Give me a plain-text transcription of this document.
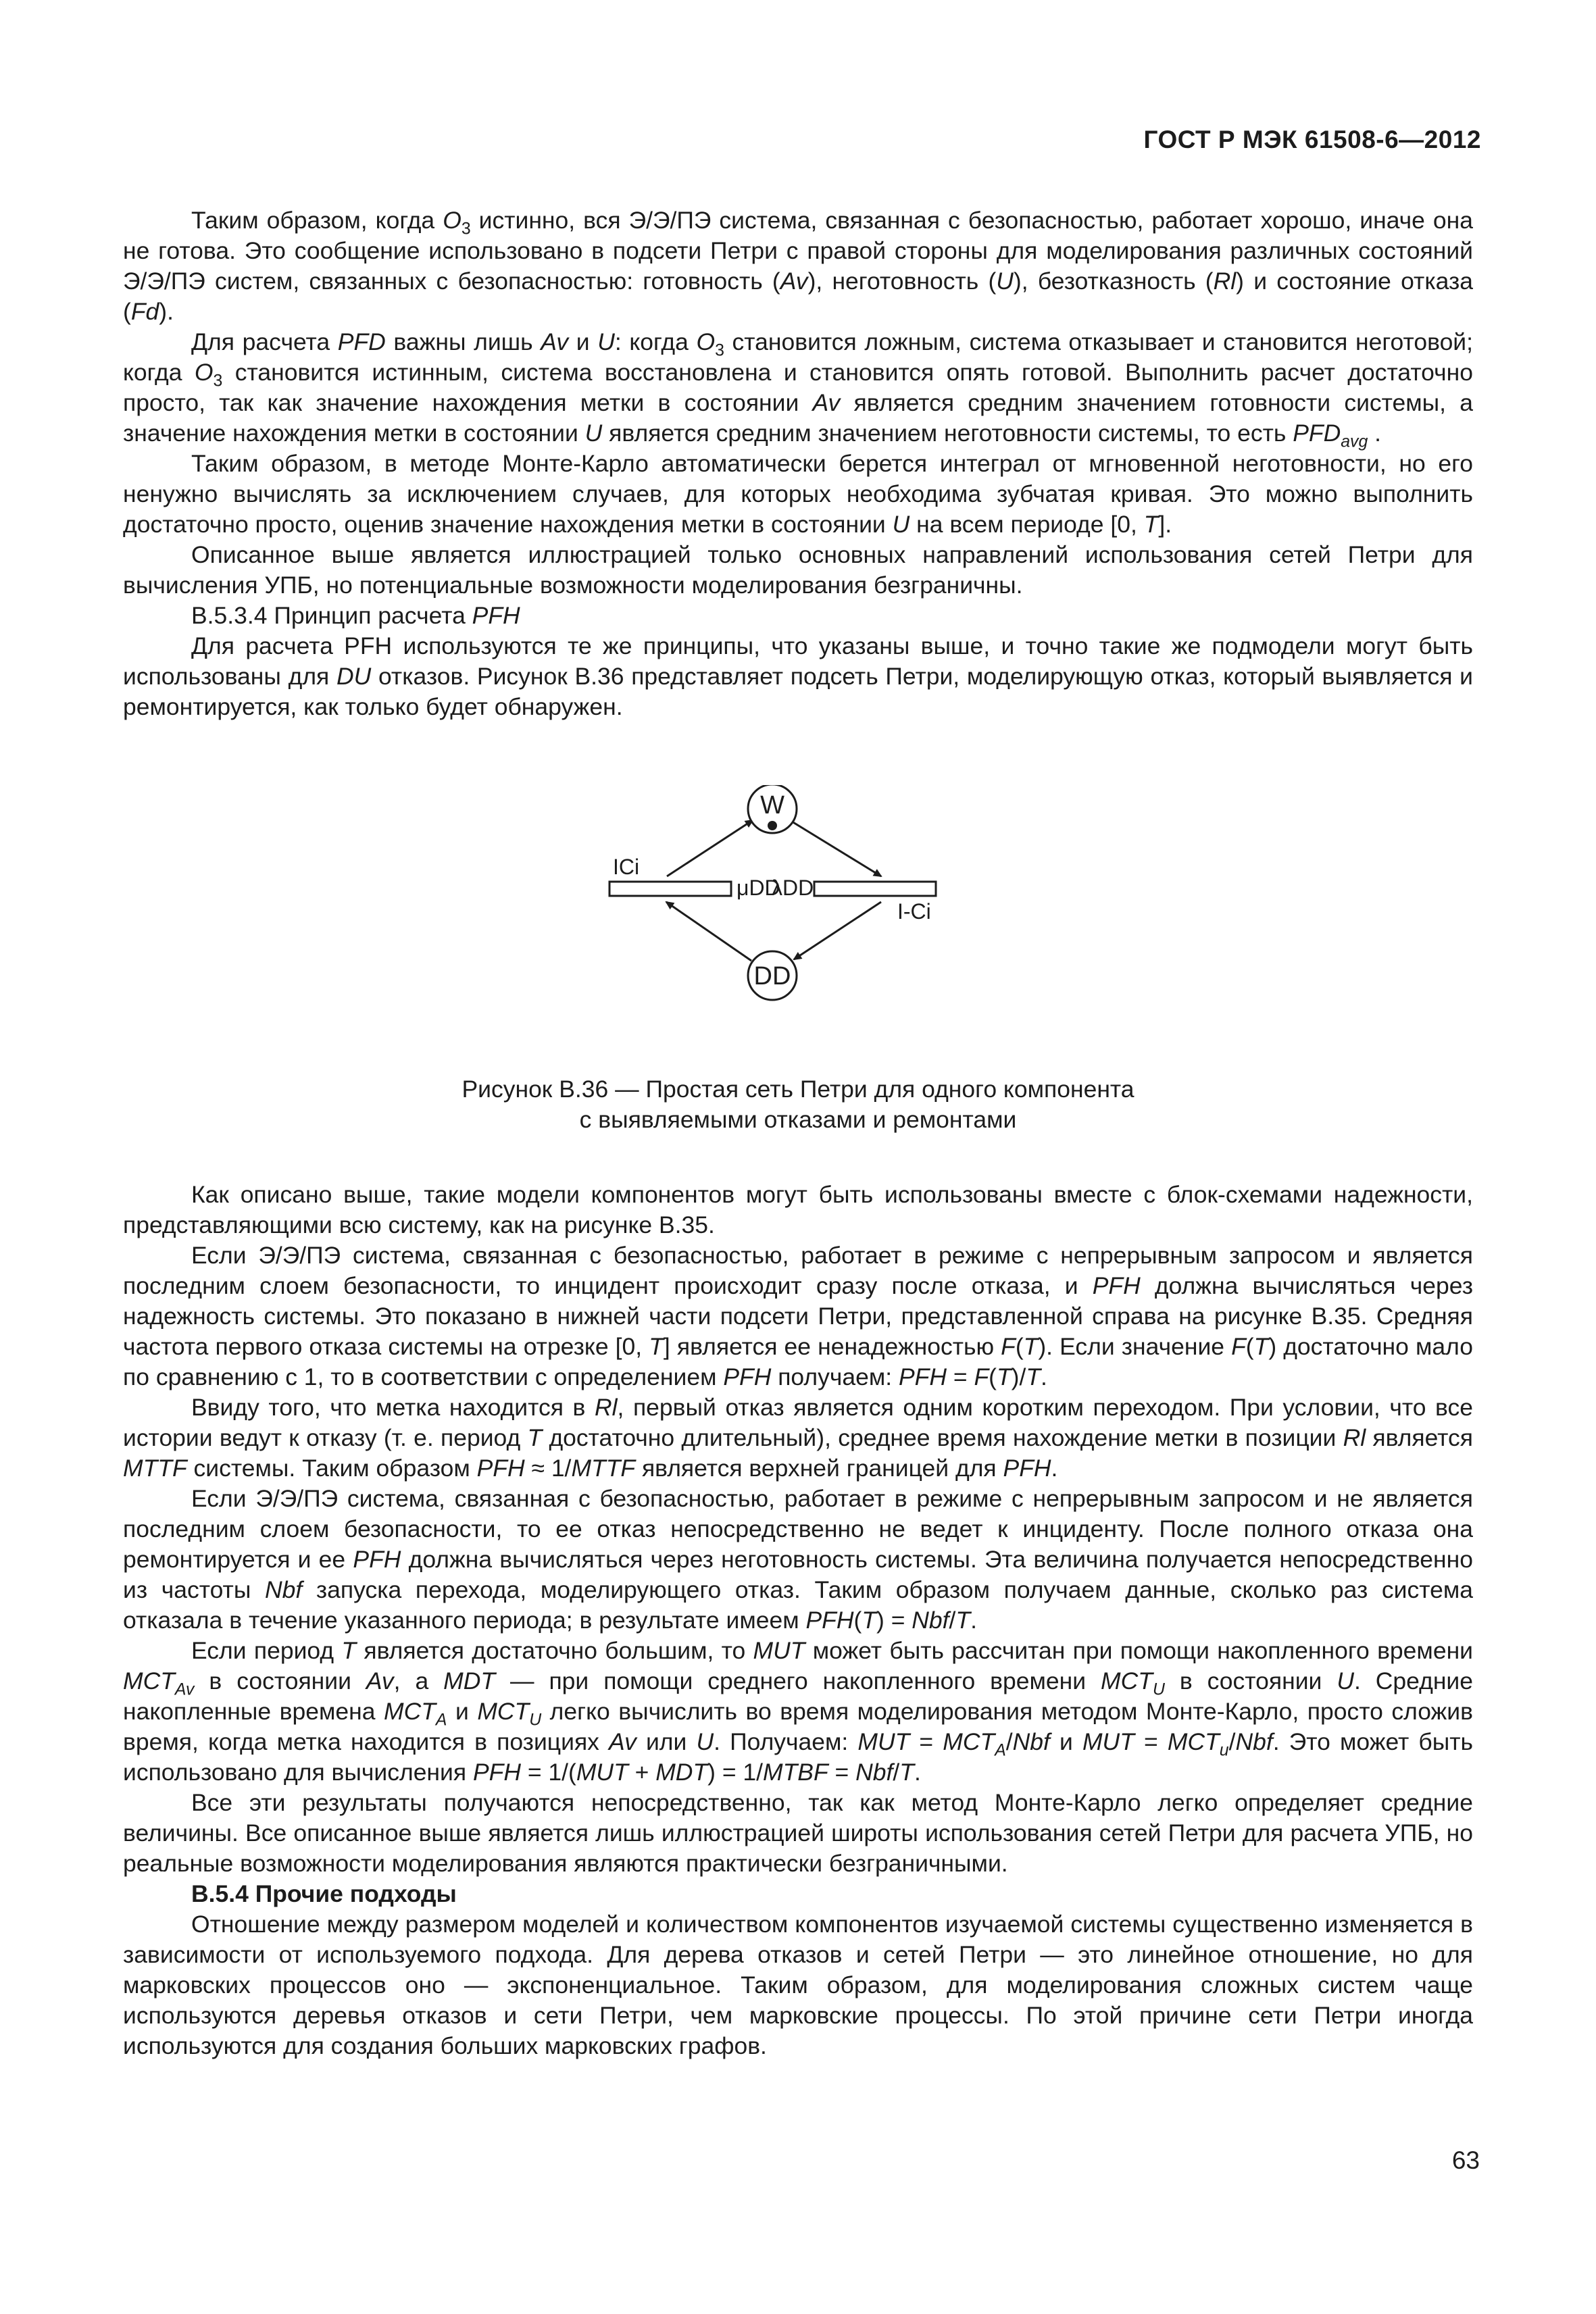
ГОСТ Р МЭК 61508-6—2012

Таким образом, когда $O_3$ истинно, вся Э/Э/ПЭ система, связанная с безопасностью, работает хорошо, иначе она не готова. Это сообщение использовано в подсети Петри с правой стороны для моделирования различных состояний Э/Э/ПЭ систем, связанных с безопасностью: готовность (Av), неготовность (U), безотказность (Rl) и состояние отказа (Fd).

Для расчета PFD важны лишь Av и U: когда $O_3$ становится ложным, система отказывает и становится неготовой; когда $O_3$ становится истинным, система восстановлена и становится опять готовой. Выполнить расчет достаточно просто, так как значение нахождения метки в состоянии Av является средним значением готовности системы, а значение нахождения метки в состоянии U является средним значением неготовности системы, то есть $PFD_{avg}$ .

Таким образом, в методе Монте-Карло автоматически берется интеграл от мгновенной неготовности, но его ненужно вычислять за исключением случаев, для которых необходима зубчатая кривая. Это можно выполнить достаточно просто, оценив значение нахождения метки в состоянии U на всем периоде [0, T].

Описанное выше является иллюстрацией только основных направлений использования сетей Петри для вычисления УПБ, но потенциальные возможности моделирования безграничны.

В.5.3.4 Принцип расчета PFH

Для расчета PFH используются те же принципы, что указаны выше, и точно такие же подмодели могут быть использованы для DU отказов. Рисунок В.36 представляет подсеть Петри, моделирующую отказ, который выявляется и ремонтируется, как только будет обнаружен.

W
DD
ICi
I-Ci
μDD
λDD
Рисунок В.36 — Простая сеть Петри для одного компонента
с выявляемыми отказами и ремонтами

Как описано выше, такие модели компонентов могут быть использованы вместе с блок-схемами надежности, представляющими всю систему, как на рисунке В.35.

Если Э/Э/ПЭ система, связанная с безопасностью, работает в режиме с непрерывным запросом и является последним слоем безопасности, то инцидент происходит сразу после отказа, и PFH должна вычисляться через надежность системы. Это показано в нижней части подсети Петри, представленной справа на рисунке В.35. Средняя частота первого отказа системы на отрезке [0, T] является ее ненадежностью F(T). Если значение F(T) достаточно мало по сравнению с 1, то в соответствии с определением PFH получаем: PFH = F(T)/T.

Ввиду того, что метка находится в Rl, первый отказ является одним коротким переходом. При условии, что все истории ведут к отказу (т. е. период T достаточно длительный), среднее время нахождение метки в позиции Rl является MTTF системы. Таким образом PFH ≈ 1/MTTF является верхней границей для PFH.

Если Э/Э/ПЭ система, связанная с безопасностью, работает в режиме с непрерывным запросом и не является последним слоем безопасности, то ее отказ непосредственно не ведет к инциденту. После полного отказа она ремонтируется и ее PFH должна вычисляться через неготовность системы. Эта величина получается непосредственно из частоты Nbf запуска перехода, моделирующего отказ. Таким образом получаем данные, сколько раз система отказала в течение указанного периода; в результате имеем PFH(T) = Nbf/T.

Если период T является достаточно большим, то MUT может быть рассчитан при помощи накопленного времени $MCT_{Av}$ в состоянии Av, а MDT — при помощи среднего накопленного времени $MCT_U$ в состоянии U. Средние накопленные времена $MCT_A$ и $MCT_U$ легко вычислить во время моделирования методом Монте-Карло, просто сложив время, когда метка находится в позициях Av или U. Получаем: MUT = $MCT_A$/Nbf и MUT = $MCT_u$/Nbf. Это может быть использовано для вычисления PFH = 1/(MUT + MDT) = 1/MTBF = Nbf/T.

Все эти результаты получаются непосредственно, так как метод Монте-Карло легко определяет средние величины. Все описанное выше является лишь иллюстрацией широты использования сетей Петри для расчета УПБ, но реальные возможности моделирования являются практически безграничными.

В.5.4 Прочие подходы

Отношение между размером моделей и количеством компонентов изучаемой системы существенно изменяется в зависимости от используемого подхода. Для дерева отказов и сетей Петри — это линейное отношение, но для марковских процессов оно — экспоненциальное. Таким образом, для моделирования сложных систем чаще используются деревья отказов и сети Петри, чем марковские процессы. По этой причине сети Петри иногда используются для создания больших марковских графов.

63
